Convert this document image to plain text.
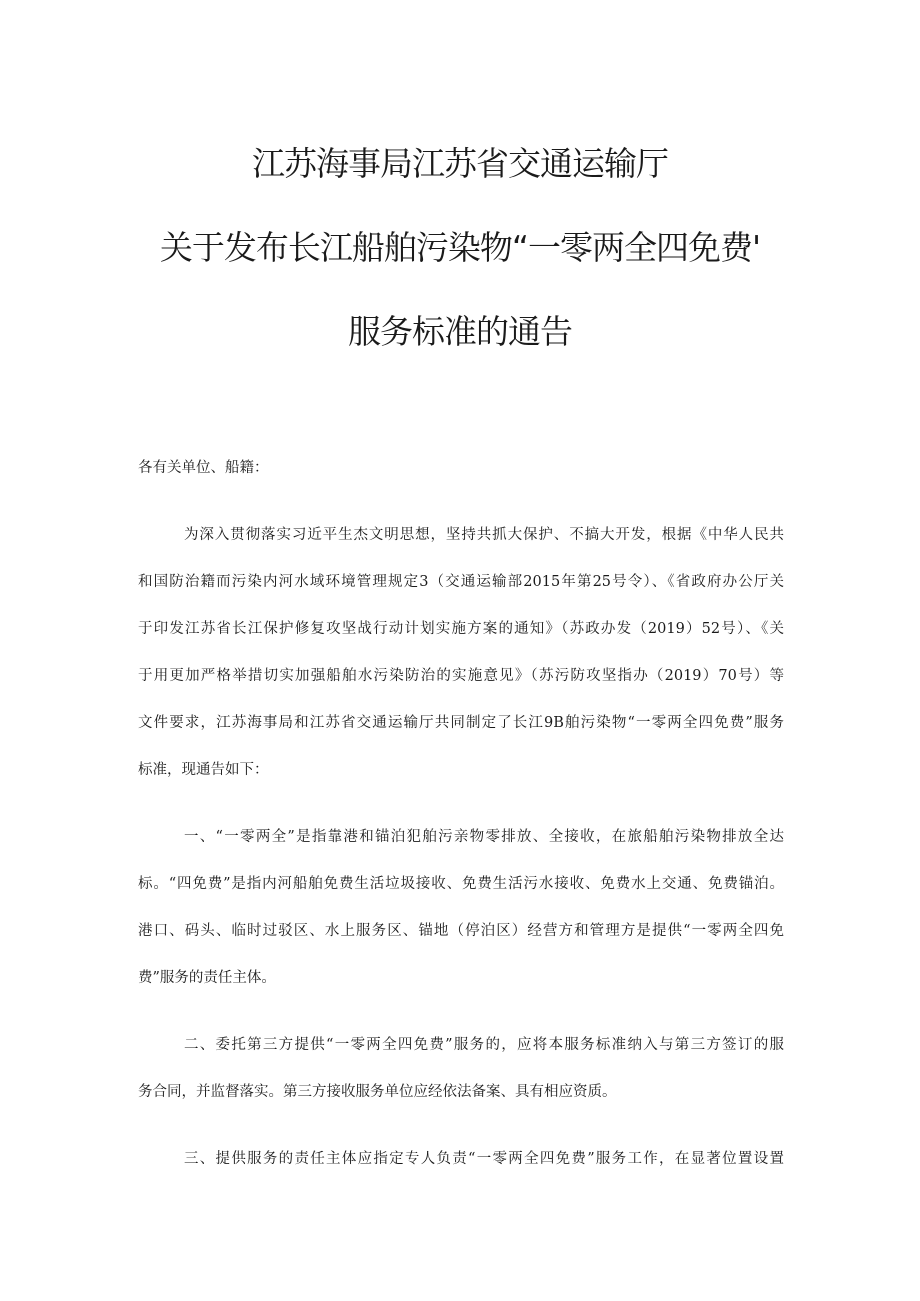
江苏海事局江苏省交通运输厅
关于发布长江船舶污染物“一零两全四免费'
服务标准的通告
各有关单位、船籍：
为深入贯彻落实习近平生杰文明思想，坚持共抓大保护、不搞大开发，根据《中华人民共
和国防治籍而污染内河水域环境管理规定3（交通运输部2015年第25号令）、《省政府办公厅关
于印发江苏省长江保护修复攻坚战行动计划实施方案的通知》（苏政办发（2019）52号）、《关
于用更加严格举措切实加强船舶水污染防治的实施意见》（苏污防攻坚指办（2019）70号）等
文件要求，江苏海事局和江苏省交通运输厅共同制定了长江9B舶污染物“一零两全四免费”服务
标准，现通告如下：
一、“一零两全”是指靠港和锚泊犯舶污亲物零排放、全接收，在旅船舶污染物排放全达
标。“四免费”是指内河船舶免费生活垃圾接收、免费生活污水接收、免费水上交通、免费锚泊。
港口、码头、临时过驳区、水上服务区、锚地（停泊区）经营方和管理方是提供“一零两全四免
费”服务的责任主体。
二、委托第三方提供“一零两全四免费”服务的，应将本服务标准纳入与第三方签订的服
务合同，并监督落实。第三方接收服务单位应经依法备案、具有相应资质。
三、提供服务的责任主体应指定专人负责“一零两全四免费”服务工作，在显著位置设置
